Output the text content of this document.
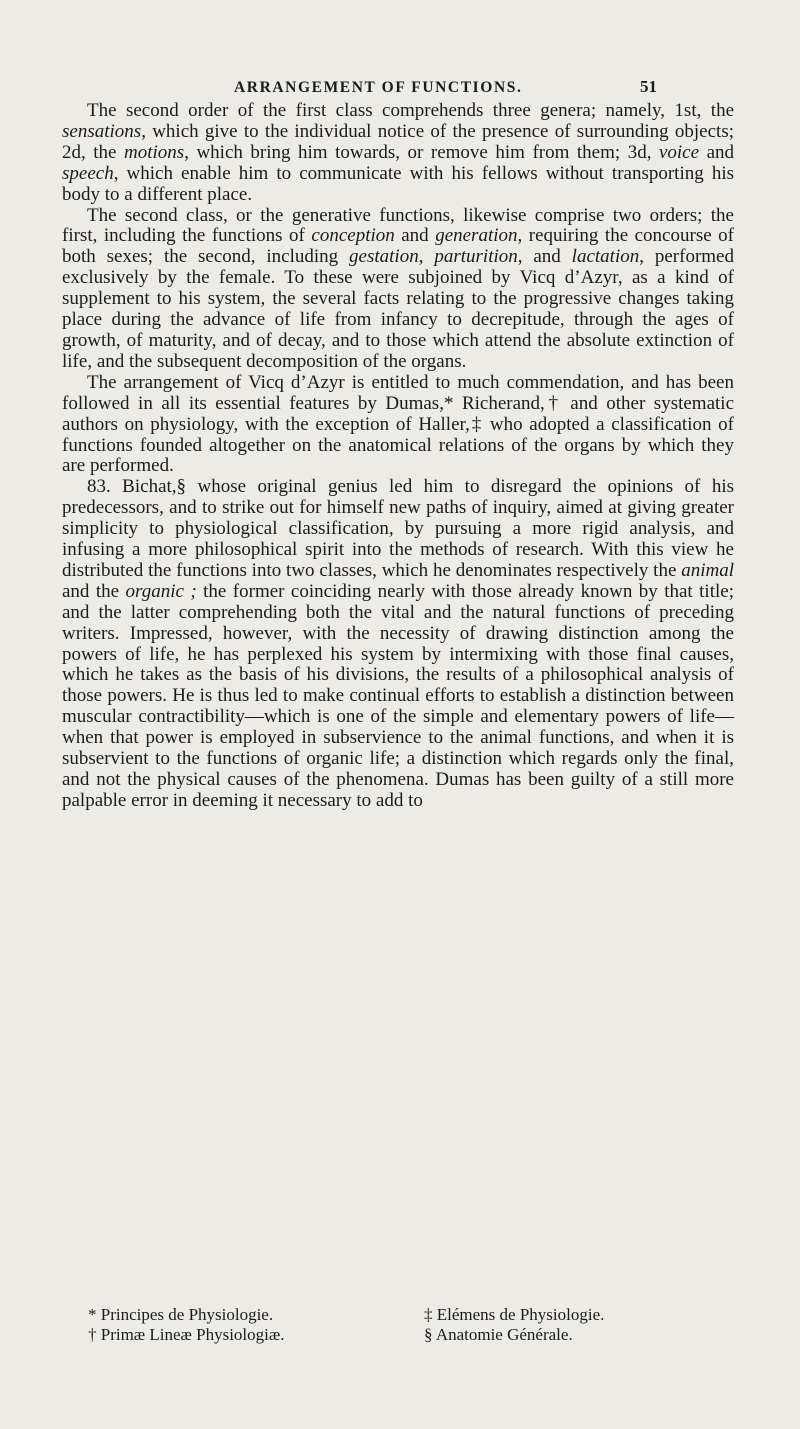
ARRANGEMENT OF FUNCTIONS.	51

The second order of the first class comprehends three genera; namely, 1st, the sensations, which give to the individual notice of the presence of surrounding objects; 2d, the motions, which bring him towards, or remove him from them; 3d, voice and speech, which enable him to communicate with his fellows without transporting his body to a different place.

The second class, or the generative functions, likewise comprise two orders; the first, including the functions of conception and generation, requiring the concourse of both sexes; the second, including gestation, parturition, and lactation, performed exclusively by the female. To these were subjoined by Vicq d’Azyr, as a kind of supplement to his system, the several facts relating to the progressive changes taking place during the advance of life from infancy to decrepitude, through the ages of growth, of maturity, and of decay, and to those which attend the absolute extinction of life, and the subsequent decomposition of the organs.

The arrangement of Vicq d’Azyr is entitled to much commendation, and has been followed in all its essential features by Dumas,* Richerand,† and other systematic authors on physiology, with the exception of Haller,‡ who adopted a classification of functions founded altogether on the anatomical relations of the organs by which they are performed.

83. Bichat,§ whose original genius led him to disregard the opinions of his predecessors, and to strike out for himself new paths of inquiry, aimed at giving greater simplicity to physiological classification, by pursuing a more rigid analysis, and infusing a more philosophical spirit into the methods of research. With this view he distributed the functions into two classes, which he denominates respectively the animal and the organic ; the former coinciding nearly with those already known by that title; and the latter comprehending both the vital and the natural functions of preceding writers. Impressed, however, with the necessity of drawing distinction among the powers of life, he has perplexed his system by intermixing with those final causes, which he takes as the basis of his divisions, the results of a philosophical analysis of those powers. He is thus led to make continual efforts to establish a distinction between muscular contractibility—which is one of the simple and elementary powers of life—when that power is employed in subservience to the animal functions, and when it is subservient to the functions of organic life; a distinction which regards only the final, and not the physical causes of the phenomena. Dumas has been guilty of a still more palpable error in deeming it necessary to add to

* Principes de Physiologie.	‡ Elémens de Physiologie.
† Primæ Lineæ Physiologiæ.	§ Anatomie Générale.
